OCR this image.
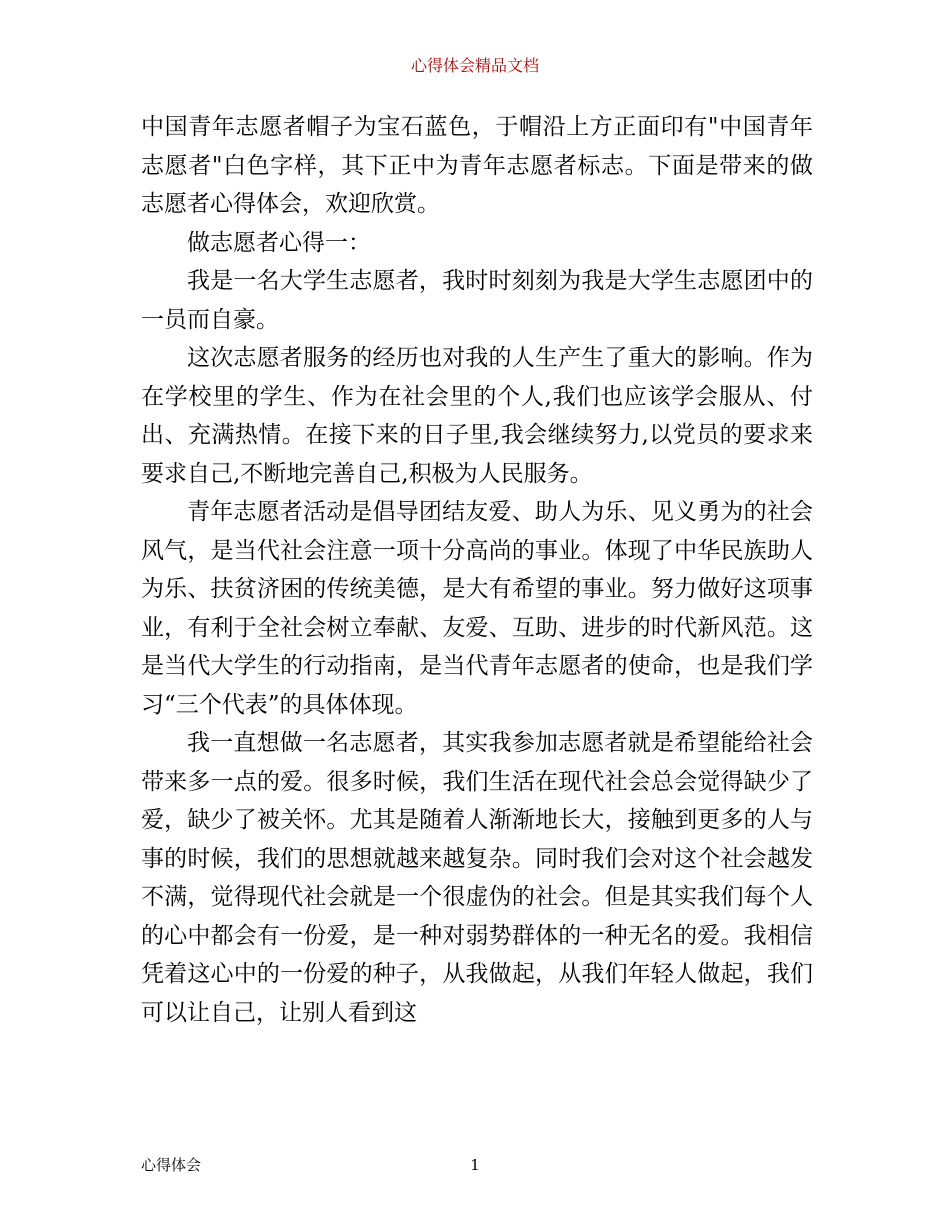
心得体会精品文档

中国青年志愿者帽子为宝石蓝色，于帽沿上方正面印有"中国青年志愿者"白色字样，其下正中为青年志愿者标志。下面是带来的做志愿者心得体会，欢迎欣赏。

做志愿者心得一：

我是一名大学生志愿者，我时时刻刻为我是大学生志愿团中的一员而自豪。

这次志愿者服务的经历也对我的人生产生了重大的影响。作为在学校里的学生、作为在社会里的个人,我们也应该学会服从、付出、充满热情。在接下来的日子里,我会继续努力,以党员的要求来要求自己,不断地完善自己,积极为人民服务。

青年志愿者活动是倡导团结友爱、助人为乐、见义勇为的社会风气，是当代社会注意一项十分高尚的事业。体现了中华民族助人为乐、扶贫济困的传统美德，是大有希望的事业。努力做好这项事业，有利于全社会树立奉献、友爱、互助、进步的时代新风范。这是当代大学生的行动指南，是当代青年志愿者的使命，也是我们学习“三个代表”的具体体现。

我一直想做一名志愿者，其实我参加志愿者就是希望能给社会带来多一点的爱。很多时候，我们生活在现代社会总会觉得缺少了爱，缺少了被关怀。尤其是随着人渐渐地长大，接触到更多的人与事的时候，我们的思想就越来越复杂。同时我们会对这个社会越发不满，觉得现代社会就是一个很虚伪的社会。但是其实我们每个人的心中都会有一份爱，是一种对弱势群体的一种无名的爱。我相信凭着这心中的一份爱的种子，从我做起，从我们年轻人做起，我们可以让自己，让别人看到这

心得体会	1
